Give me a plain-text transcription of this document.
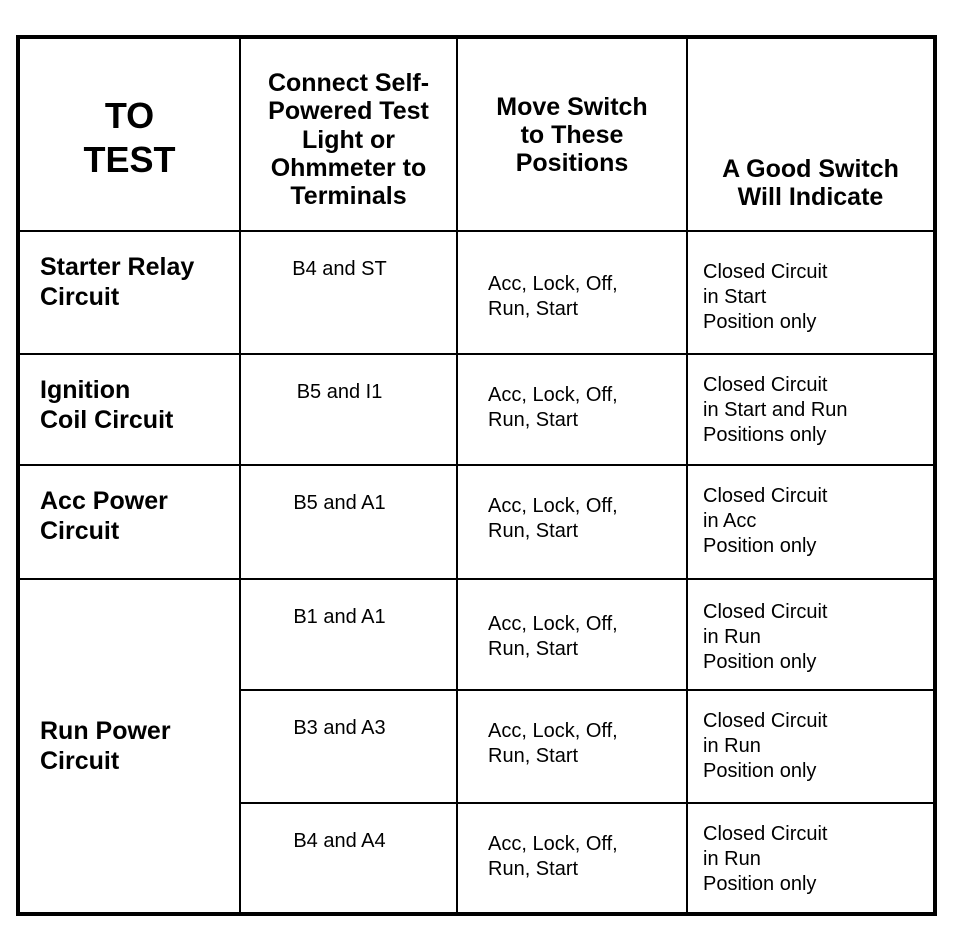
TO
TEST	Connect Self-
Powered Test
Light or
Ohmmeter to
Terminals	Move Switch
to These
Positions	A Good Switch
Will Indicate

Starter Relay
Circuit	B4 and ST	Acc, Lock, Off,
Run, Start	Closed Circuit
in Start
Position only

Ignition
Coil Circuit	B5 and I1	Acc, Lock, Off,
Run, Start	Closed Circuit
in Start and Run
Positions only

Acc Power
Circuit	B5 and A1	Acc, Lock, Off,
Run, Start	Closed Circuit
in Acc
Position only

Run Power
Circuit	B1 and A1	Acc, Lock, Off,
Run, Start	Closed Circuit
in Run
Position only

	B3 and A3	Acc, Lock, Off,
Run, Start	Closed Circuit
in Run
Position only

	B4 and A4	Acc, Lock, Off,
Run, Start	Closed Circuit
in Run
Position only
